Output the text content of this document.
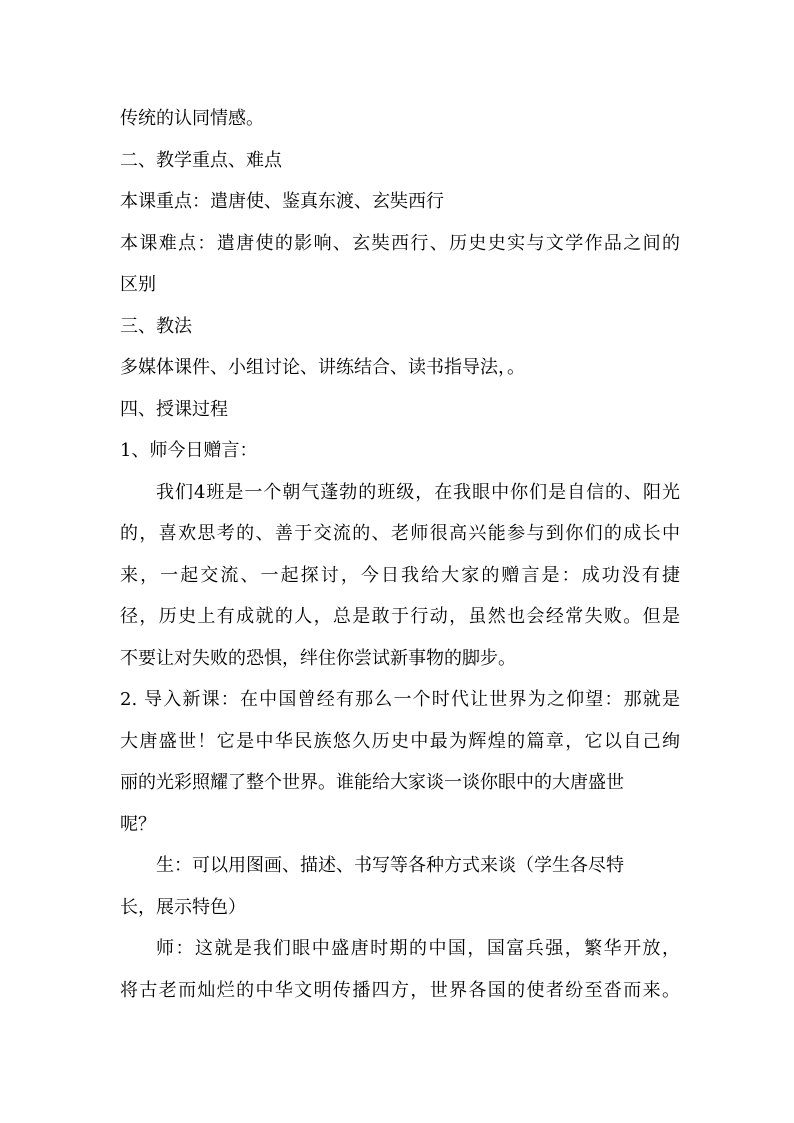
传统的认同情感。

二、教学重点、难点

本课重点：遣唐使、鉴真东渡、玄奘西行

本课难点：遣唐使的影响、玄奘西行、历史史实与文学作品之间的

区别

三、教法

多媒体课件、小组讨论、讲练结合、读书指导法，。

四、授课过程

1、师今日赠言：

我们4班是一个朝气蓬勃的班级，在我眼中你们是自信的、阳光

的，喜欢思考的、善于交流的、老师很高兴能参与到你们的成长中

来，一起交流、一起探讨，今日我给大家的赠言是：成功没有捷

径，历史上有成就的人，总是敢于行动，虽然也会经常失败。但是

不要让对失败的恐惧，绊住你尝试新事物的脚步。

2. 导入新课：在中国曾经有那么一个时代让世界为之仰望：那就是

大唐盛世！它是中华民族悠久历史中最为辉煌的篇章，它以自己绚

丽的光彩照耀了整个世界。谁能给大家谈一谈你眼中的大唐盛世

呢？

生：可以用图画、描述、书写等各种方式来谈（学生各尽特

长，展示特色）

师：这就是我们眼中盛唐时期的中国，国富兵强，繁华开放，

将古老而灿烂的中华文明传播四方，世界各国的使者纷至沓而来。
